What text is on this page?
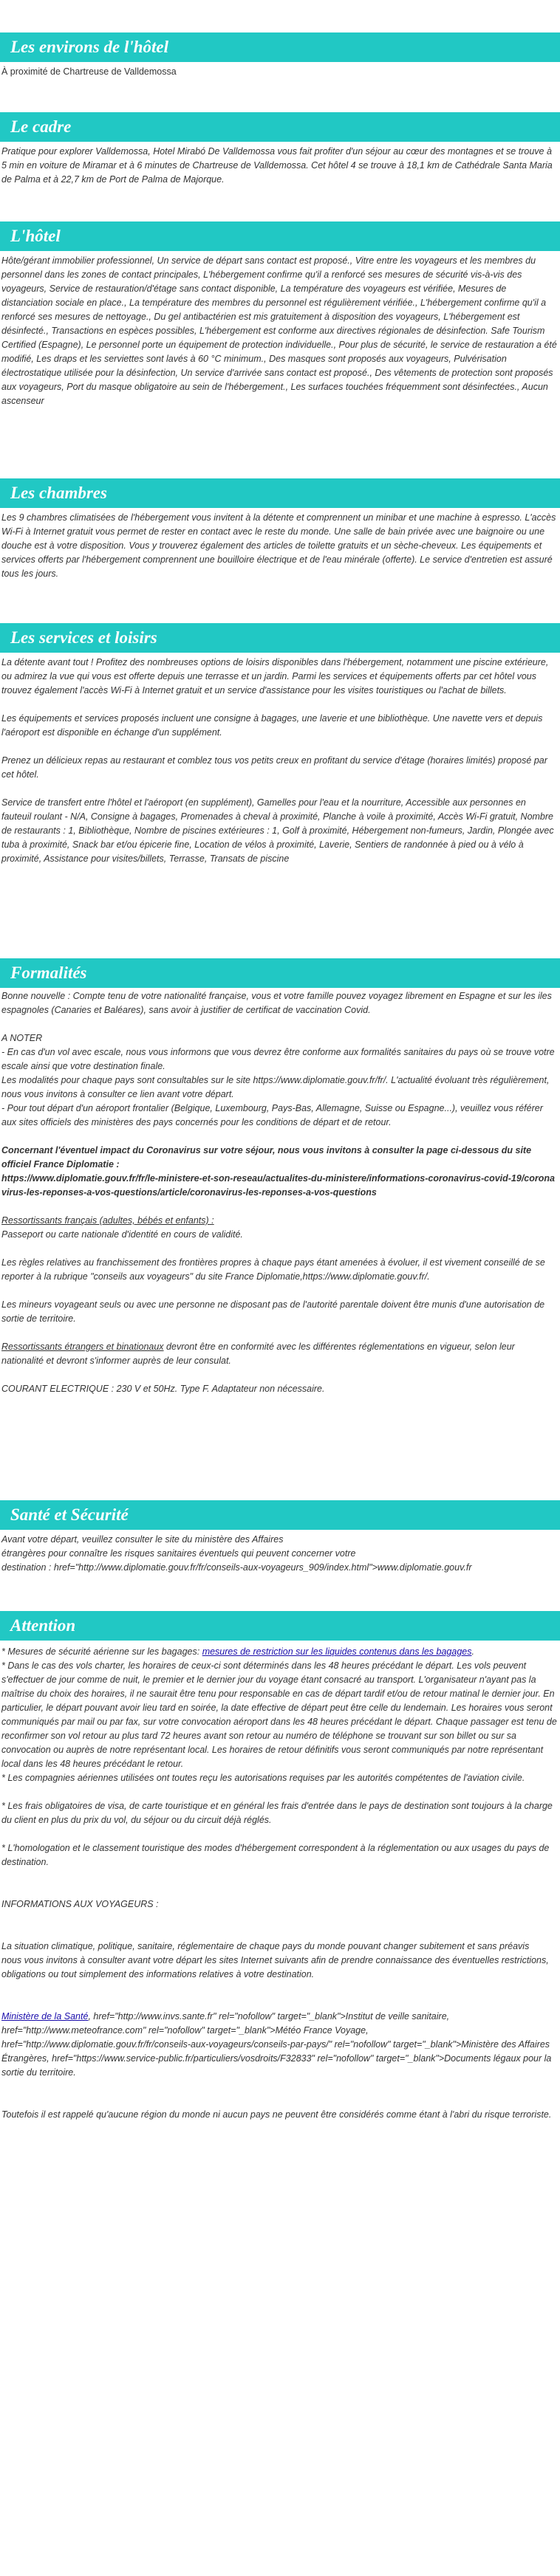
Les environs de l'hôtel

À proximité de Chartreuse de Valldemossa

Le cadre

Pratique pour explorer Valldemossa, Hotel Mirabó De Valldemossa vous fait profiter d'un séjour au cœur des montagnes et se trouve à 5 min en voiture de Miramar et à 6 minutes de Chartreuse de Valldemossa. Cet hôtel 4 se trouve à 18,1 km de Cathédrale Santa Maria de Palma et à 22,7 km de Port de Palma de Majorque.

L'hôtel

Hôte/gérant immobilier professionnel, Un service de départ sans contact est proposé., Vitre entre les voyageurs et les membres du personnel dans les zones de contact principales, L'hébergement confirme qu'il a renforcé ses mesures de sécurité vis-à-vis des voyageurs, Service de restauration/d'étage sans contact disponible, La température des voyageurs est vérifiée, Mesures de distanciation sociale en place., La température des membres du personnel est régulièrement vérifiée., L'hébergement confirme qu'il a renforcé ses mesures de nettoyage., Du gel antibactérien est mis gratuitement à disposition des voyageurs, L'hébergement est désinfecté., Transactions en espèces possibles, L'hébergement est conforme aux directives régionales de désinfection. Safe Tourism Certified (Espagne), Le personnel porte un équipement de protection individuelle., Pour plus de sécurité, le service de restauration a été modifié, Les draps et les serviettes sont lavés à 60 °C minimum., Des masques sont proposés aux voyageurs, Pulvérisation électrostatique utilisée pour la désinfection, Un service d'arrivée sans contact est proposé., Des vêtements de protection sont proposés aux voyageurs, Port du masque obligatoire au sein de l'hébergement., Les surfaces touchées fréquemment sont désinfectées., Aucun ascenseur

Les chambres

Les 9 chambres climatisées de l'hébergement vous invitent à la détente et comprennent un minibar et une machine à espresso. L'accès Wi-Fi à Internet gratuit vous permet de rester en contact avec le reste du monde. Une salle de bain privée avec une baignoire ou une douche est à votre disposition. Vous y trouverez également des articles de toilette gratuits et un sèche-cheveux. Les équipements et services offerts par l'hébergement comprennent une bouilloire électrique et de l'eau minérale (offerte). Le service d'entretien est assuré tous les jours.

Les services et loisirs

La détente avant tout ! Profitez des nombreuses options de loisirs disponibles dans l'hébergement, notamment une piscine extérieure, ou admirez la vue qui vous est offerte depuis une terrasse et un jardin. Parmi les services et équipements offerts par cet hôtel vous trouvez également l'accès Wi-Fi à Internet gratuit et un service d'assistance pour les visites touristiques ou l'achat de billets.

Les équipements et services proposés incluent une consigne à bagages, une laverie et une bibliothèque. Une navette vers et depuis l'aéroport est disponible en échange d'un supplément.

Prenez un délicieux repas au restaurant et comblez tous vos petits creux en profitant du service d'étage (horaires limités) proposé par cet hôtel.

Service de transfert entre l'hôtel et l'aéroport (en supplément), Gamelles pour l'eau et la nourriture, Accessible aux personnes en fauteuil roulant - N/A, Consigne à bagages, Promenades à cheval à proximité, Planche à voile à proximité, Accès Wi-Fi gratuit, Nombre de restaurants : 1, Bibliothèque, Nombre de piscines extérieures : 1, Golf à proximité, Hébergement non-fumeurs, Jardin, Plongée avec tuba à proximité, Snack bar et/ou épicerie fine, Location de vélos à proximité, Laverie, Sentiers de randonnée à pied ou à vélo à proximité, Assistance pour visites/billets, Terrasse, Transats de piscine

Formalités

Bonne nouvelle : Compte tenu de votre nationalité française, vous et votre famille pouvez voyagez librement en Espagne et sur les iles espagnoles (Canaries et Baléares), sans avoir à justifier de certificat de vaccination Covid.

A NOTER

- En cas d'un vol avec escale, nous vous informons que vous devrez être conforme aux formalités sanitaires du pays où se trouve votre escale ainsi que votre destination finale.

Les modalités pour chaque pays sont consultables sur le site https://www.diplomatie.gouv.fr/fr/. L'actualité évoluant très régulièrement, nous vous invitons à consulter ce lien avant votre départ.

- Pour tout départ d'un aéroport frontalier (Belgique, Luxembourg, Pays-Bas, Allemagne, Suisse ou Espagne...), veuillez vous référer aux sites officiels des ministères des pays concernés pour les conditions de départ et de retour.

Concernant l'éventuel impact du Coronavirus sur votre séjour, nous vous invitons à consulter la page ci-dessous du site officiel France Diplomatie :

https://www.diplomatie.gouv.fr/fr/le-ministere-et-son-reseau/actualites-du-ministere/informations-coronavirus-covid-19/coronavirus-les-reponses-a-vos-questions/article/coronavirus-les-reponses-a-vos-questions

Ressortissants français (adultes, bébés et enfants) :

Passeport ou carte nationale d'identité en cours de validité.

Les règles relatives au franchissement des frontières propres à chaque pays étant amenées à évoluer, il est vivement conseillé de se reporter à la rubrique "conseils aux voyageurs" du site France Diplomatie,https://www.diplomatie.gouv.fr/.

Les mineurs voyageant seuls ou avec une personne ne disposant pas de l'autorité parentale doivent être munis d'une autorisation de sortie de territoire.

Ressortissants étrangers et binationaux devront être en conformité avec les différentes réglementations en vigueur, selon leur nationalité et devront s'informer auprès de leur consulat.

COURANT ELECTRIQUE : 230 V et 50Hz. Type F. Adaptateur non nécessaire.

Santé et Sécurité

Avant votre départ, veuillez consulter le site du ministère des Affaires

étrangères pour connaître les risques sanitaires éventuels qui peuvent concerner votre

destination : href="http://www.diplomatie.gouv.fr/fr/conseils-aux-voyageurs_909/index.html">www.diplomatie.gouv.fr

Attention

* Mesures de sécurité aérienne sur les bagages: mesures de restriction sur les liquides contenus dans les bagages.

* Dans le cas des vols charter, les horaires de ceux-ci sont déterminés dans les 48 heures précédant le départ. Les vols peuvent s'effectuer de jour comme de nuit, le premier et le dernier jour du voyage étant consacré au transport. L'organisateur n'ayant pas la maîtrise du choix des horaires, il ne saurait être tenu pour responsable en cas de départ tardif et/ou de retour matinal le dernier jour. En particulier, le départ pouvant avoir lieu tard en soirée, la date effective de départ peut être celle du lendemain. Les horaires vous seront communiqués par mail ou par fax, sur votre convocation aéroport dans les 48 heures précédant le départ. Chaque passager est tenu de reconfirmer son vol retour au plus tard 72 heures avant son retour au numéro de téléphone se trouvant sur son billet ou sur sa convocation ou auprès de notre représentant local. Les horaires de retour définitifs vous seront communiqués par notre représentant local dans les 48 heures précédant le retour.

* Les compagnies aériennes utilisées ont toutes reçu les autorisations requises par les autorités compétentes de l'aviation civile.

* Les frais obligatoires de visa, de carte touristique et en général les frais d'entrée dans le pays de destination sont toujours à la charge du client en plus du prix du vol, du séjour ou du circuit déjà réglés.

* L'homologation et le classement touristique des modes d'hébergement correspondent à la réglementation ou aux usages du pays de destination.

INFORMATIONS AUX VOYAGEURS :

La situation climatique, politique, sanitaire, réglementaire de chaque pays du monde pouvant changer subitement et sans préavis

nous vous invitons à consulter avant votre départ les sites Internet suivants afin de prendre connaissance des éventuelles restrictions, obligations ou tout simplement des informations relatives à votre destination.

Ministère de la Santé, href="http://www.invs.sante.fr" rel="nofollow" target="_blank">Institut de veille sanitaire, href="http://www.meteofrance.com" rel="nofollow" target="_blank">Météo France Voyage, href="http://www.diplomatie.gouv.fr/fr/conseils-aux-voyageurs/conseils-par-pays/" rel="nofollow" target="_blank">Ministère des Affaires Étrangères, href="https://www.service-public.fr/particuliers/vosdroits/F32833" rel="nofollow" target="_blank">Documents légaux pour la sortie du territoire.

Toutefois il est rappelé qu'aucune région du monde ni aucun pays ne peuvent être considérés comme étant à l'abri du risque terroriste.
